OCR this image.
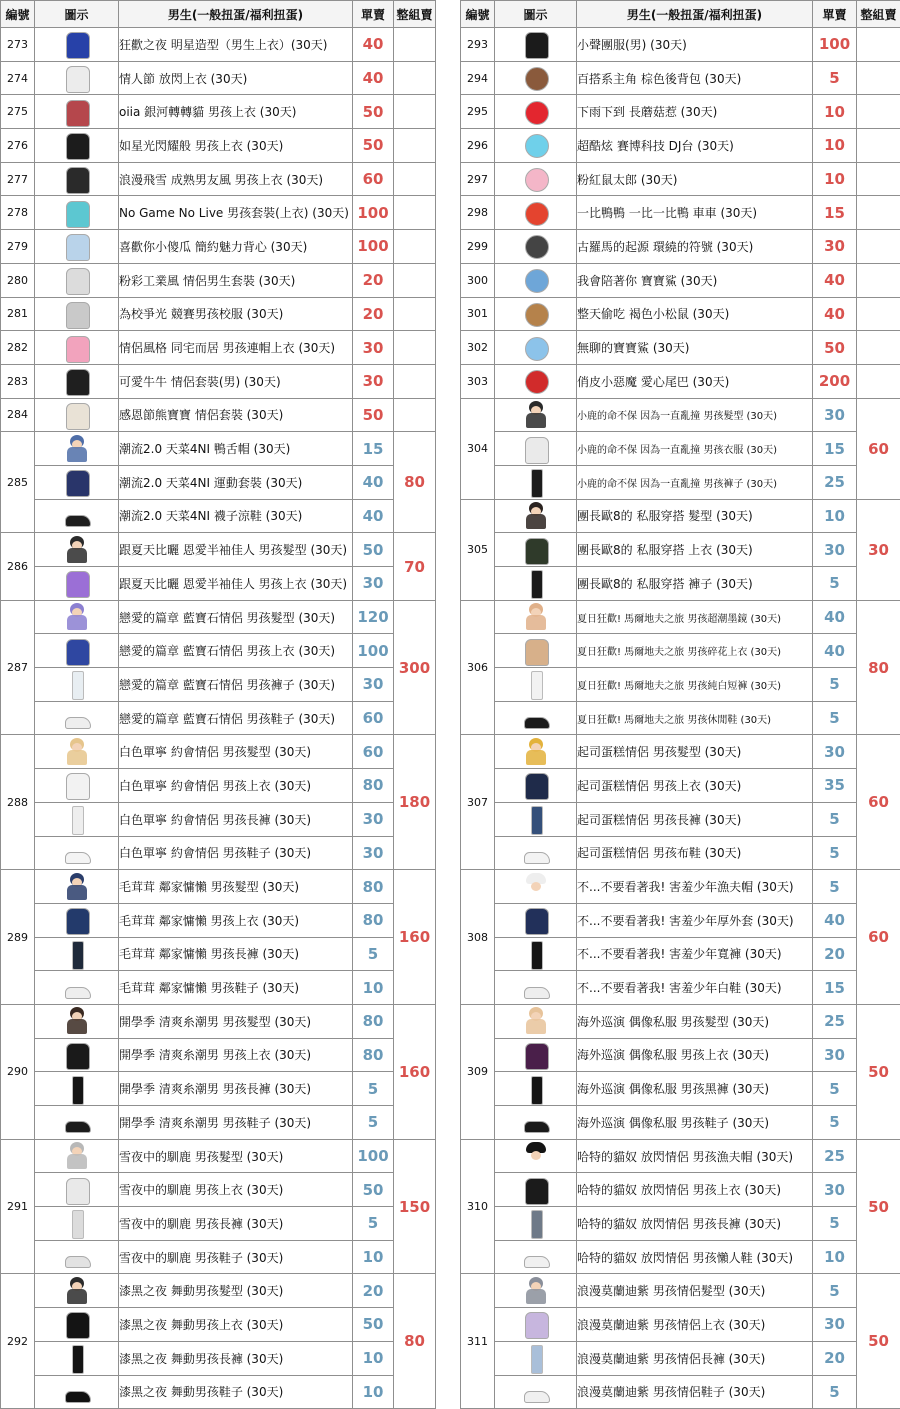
編號	圖示	男生(一般扭蛋/福利扭蛋)	單賣	整組賣
273		狂歡之夜 明星造型（男生上衣）(30天)	40	
274		情人節 放閃上衣 (30天)	40	
275		oiia 銀河轉轉貓 男孩上衣 (30天)	50	
276		如星光閃耀般 男孩上衣 (30天)	50	
277		浪漫飛雪 成熟男友風 男孩上衣 (30天)	60	
278		No Game No Live 男孩套裝(上衣) (30天)	100	
279		喜歡你小傻瓜 簡約魅力背心 (30天)	100	
280		粉彩工業風 情侶男生套裝 (30天)	20	
281		為校爭光 競賽男孩校服 (30天)	20	
282		情侶風格 同宅而居 男孩連帽上衣 (30天)	30	
283		可愛牛牛 情侶套裝(男) (30天)	30	
284		感恩節熊寶寶 情侶套裝 (30天)	50	
285		潮流2.0 天菜4NI 鴨舌帽 (30天)	15	80

		潮流2.0 天菜4NI 運動套裝 (30天)	40	

		潮流2.0 天菜4NI 襪子涼鞋 (30天)	40	
286		跟夏天比曬 恩愛半袖佳人 男孩髮型 (30天)	50	70

		跟夏天比曬 恩愛半袖佳人 男孩上衣 (30天)	30	
287		戀愛的篇章 藍寶石情侶 男孩髮型 (30天)	120	300

		戀愛的篇章 藍寶石情侶 男孩上衣 (30天)	100	

		戀愛的篇章 藍寶石情侶 男孩褲子 (30天)	30	

		戀愛的篇章 藍寶石情侶 男孩鞋子 (30天)	60	
288		白色單寧 約會情侶 男孩髮型 (30天)	60	180

		白色單寧 約會情侶 男孩上衣 (30天)	80	

		白色單寧 約會情侶 男孩長褲 (30天)	30	

		白色單寧 約會情侶 男孩鞋子 (30天)	30	
289		毛茸茸 鄰家慵懶 男孩髮型 (30天)	80	160

		毛茸茸 鄰家慵懶 男孩上衣 (30天)	80	

		毛茸茸 鄰家慵懶 男孩長褲 (30天)	5	

		毛茸茸 鄰家慵懶 男孩鞋子 (30天)	10	
290		開學季 清爽糸潮男 男孩髮型 (30天)	80	160

		開學季 清爽糸潮男 男孩上衣 (30天)	80	

		開學季 清爽糸潮男 男孩長褲 (30天)	5	

		開學季 清爽糸潮男 男孩鞋子 (30天)	5	
291		雪夜中的馴鹿 男孩髮型 (30天)	100	150

		雪夜中的馴鹿 男孩上衣 (30天)	50	

		雪夜中的馴鹿 男孩長褲 (30天)	5	

		雪夜中的馴鹿 男孩鞋子 (30天)	10	
292		漆黑之夜 舞動男孩髮型 (30天)	20	80

		漆黑之夜 舞動男孩上衣 (30天)	50	

		漆黑之夜 舞動男孩長褲 (30天)	10	

		漆黑之夜 舞動男孩鞋子 (30天)	10	
編號	圖示	男生(一般扭蛋/福利扭蛋)	單賣	整組賣
293		小聲團服(男) (30天)	100	
294		百搭系主角 棕色後背包 (30天)	5	
295		下雨下到 長蘑菇惹 (30天)	10	
296		超酷炫 賽博科技 DJ台 (30天)	10	
297		粉紅鼠太郎 (30天)	10	
298		一比鴨鴨 一比一比鴨 車車 (30天)	15	
299		古羅馬的起源 環繞的符號 (30天)	30	
300		我會陪著你 寶寶鯊 (30天)	40	
301		整天偷吃 褐色小松鼠 (30天)	40	
302		無聊的寶寶鯊 (30天)	50	
303		俏皮小惡魔 愛心尾巴 (30天)	200	
304		小鹿的命不保 因為一直亂撞 男孩髮型 (30天)	30	60

		小鹿的命不保 因為一直亂撞 男孩衣服 (30天)	15	

		小鹿的命不保 因為一直亂撞 男孩褲子 (30天)	25	
305		團長歐8的 私服穿搭 髮型 (30天)	10	30

		團長歐8的 私服穿搭 上衣 (30天)	30	

		團長歐8的 私服穿搭 褲子 (30天)	5	
306		夏日狂歡! 馬爾地夫之旅 男孩超潮墨鏡 (30天)	40	80

		夏日狂歡! 馬爾地夫之旅 男孩碎花上衣 (30天)	40	

		夏日狂歡! 馬爾地夫之旅 男孩純白短褲 (30天)	5	

		夏日狂歡! 馬爾地夫之旅 男孩休閒鞋 (30天)	5	
307		起司蛋糕情侶 男孩髮型 (30天)	30	60

		起司蛋糕情侶 男孩上衣 (30天)	35	

		起司蛋糕情侶 男孩長褲 (30天)	5	

		起司蛋糕情侶 男孩布鞋 (30天)	5	
308		不...不要看著我! 害羞少年漁夫帽 (30天)	5	60

		不...不要看著我! 害羞少年厚外套 (30天)	40	

		不...不要看著我! 害羞少年寬褲 (30天)	20	

		不...不要看著我! 害羞少年白鞋 (30天)	15	
309		海外巡演 偶像私服 男孩髮型 (30天)	25	50

		海外巡演 偶像私服 男孩上衣 (30天)	30	

		海外巡演 偶像私服 男孩黑褲 (30天)	5	

		海外巡演 偶像私服 男孩鞋子 (30天)	5	
310		哈特的貓奴 放閃情侶 男孩漁夫帽 (30天)	25	50

		哈特的貓奴 放閃情侶 男孩上衣 (30天)	30	

		哈特的貓奴 放閃情侶 男孩長褲 (30天)	5	

		哈特的貓奴 放閃情侶 男孩懶人鞋 (30天)	10	
311		浪漫莫蘭迪紫 男孩情侶髮型 (30天)	5	50

		浪漫莫蘭迪紫 男孩情侶上衣 (30天)	30	

		浪漫莫蘭迪紫 男孩情侶長褲 (30天)	20	

		浪漫莫蘭迪紫 男孩情侶鞋子 (30天)	5	
